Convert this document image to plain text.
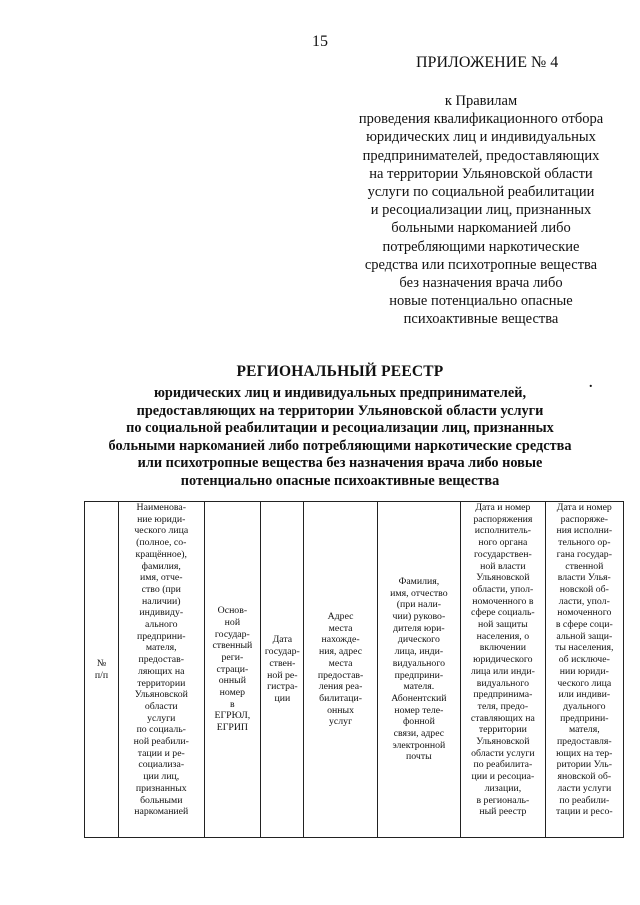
15
ПРИЛОЖЕНИЕ № 4
к Правилам
проведения квалификационного отбора
юридических лиц и индивидуальных
предпринимателей, предоставляющих
на территории Ульяновской области
услуги по социальной реабилитации
и ресоциализации лиц, признанных
больными наркоманией либо
потребляющими наркотические
средства или психотропные вещества
без назначения врача либо
новые потенциально опасные
психоактивные вещества
РЕГИОНАЛЬНЫЙ РЕЕСТР
юридических лиц и индивидуальных предпринимателей,
предоставляющих на территории Ульяновской области услуги
по социальной реабилитации и ресоциализации лиц, признанных
больными наркоманией либо потребляющими наркотические средства
или психотропные вещества без назначения врача либо новые
потенциально опасные психоактивные вещества
.
№
п/п

Наименова-
ние юриди-
ческого лица
(полное, со-
кращённое),
фамилия,
имя, отче-
ство (при
наличии)
индивиду-
ального
предприни-
мателя,
предостав-
ляющих на
территории
Ульяновской
области
услуги
по социаль-
ной реабили-
тации и ре-
социализа-
ции лиц,
признанных
больными
наркоманией

Основ-
ной
государ-
ственный
реги-
страци-
онный
номер
в
ЕГРЮЛ,
ЕГРИП

Дата
государ-
ствен-
ной ре-
гистра-
ции

Адрес
места
нахожде-
ния, адрес
места
предостав-
ления реа-
билитаци-
онных
услуг

Фамилия,
имя, отчество
(при нали-
чии) руково-
дителя юри-
дического
лица, инди-
видуального
предприни-
мателя.
Абонентский
номер теле-
фонной
связи, адрес
электронной
почты

Дата и номер
распоряжения
исполнитель-
ного органа
государствен-
ной власти
Ульяновской
области, упол-
номоченного в
сфере социаль-
ной защиты
населения, о
включении
юридического
лица или инди-
видуального
предпринима-
теля, предо-
ставляющих на
территории
Ульяновской
области услуги
по реабилита-
ции и ресоциа-
лизации,
в региональ-
ный реестр

Дата и номер
распоряже-
ния исполни-
тельного ор-
гана государ-
ственной
власти Улья-
новской об-
ласти, упол-
номоченного
в сфере соци-
альной защи-
ты населения,
об исключе-
нии юриди-
ческого лица
или индиви-
дуального
предприни-
мателя,
предоставля-
ющих на тер-
ритории Уль-
яновской об-
ласти услуги
по реабили-
тации и ресо-
